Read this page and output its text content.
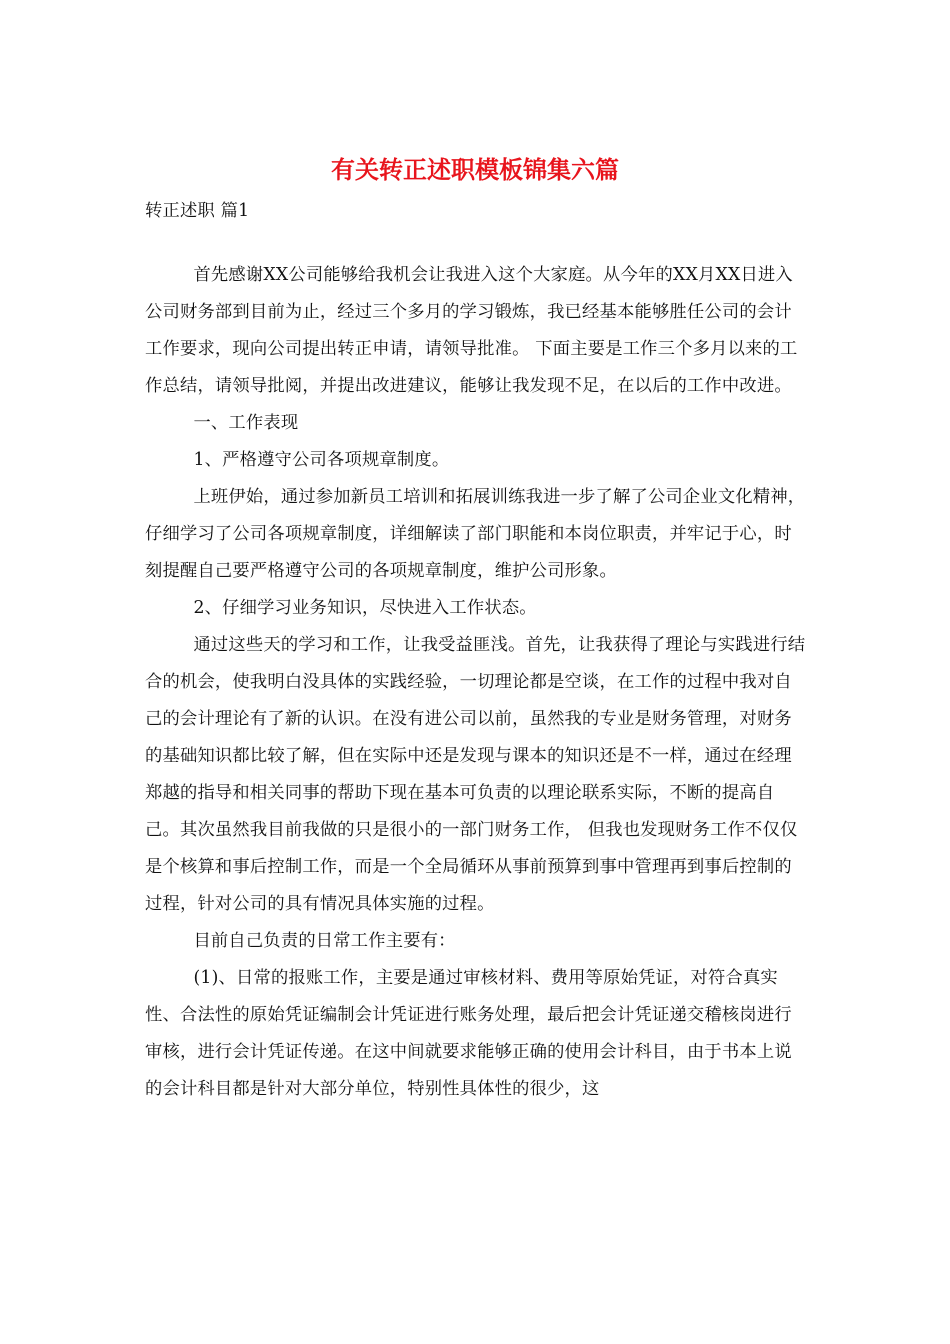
有关转正述职模板锦集六篇
转正述职 篇1

首先感谢XX公司能够给我机会让我进入这个大家庭。从今年的XX月XX日进入公司财务部到目前为止，经过三个多月的学习锻炼，我已经基本能够胜任公司的会计工作要求，现向公司提出转正申请，请领导批准。 下面主要是工作三个多月以来的工作总结，请领导批阅，并提出改进建议，能够让我发现不足，在以后的工作中改进。

一、工作表现

1、严格遵守公司各项规章制度。

上班伊始，通过参加新员工培训和拓展训练我进一步了解了公司企业文化精神，仔细学习了公司各项规章制度，详细解读了部门职能和本岗位职责，并牢记于心，时刻提醒自己要严格遵守公司的各项规章制度，维护公司形象。

2、仔细学习业务知识，尽快进入工作状态。

通过这些天的学习和工作，让我受益匪浅。首先，让我获得了理论与实践进行结合的机会，使我明白没具体的实践经验，一切理论都是空谈，在工作的过程中我对自己的会计理论有了新的认识。在没有进公司以前，虽然我的专业是财务管理，对财务的基础知识都比较了解，但在实际中还是发现与课本的知识还是不一样，通过在经理郑越的指导和相关同事的帮助下现在基本可负责的以理论联系实际，不断的提高自己。其次虽然我目前我做的只是很小的一部门财务工作， 但我也发现财务工作不仅仅是个核算和事后控制工作，而是一个全局循环从事前预算到事中管理再到事后控制的过程，针对公司的具有情况具体实施的过程。

目前自己负责的日常工作主要有：

(1)、日常的报账工作，主要是通过审核材料、费用等原始凭证，对符合真实性、合法性的原始凭证编制会计凭证进行账务处理，最后把会计凭证递交稽核岗进行审核，进行会计凭证传递。在这中间就要求能够正确的使用会计科目，由于书本上说的会计科目都是针对大部分单位，特别性具体性的很少，这
